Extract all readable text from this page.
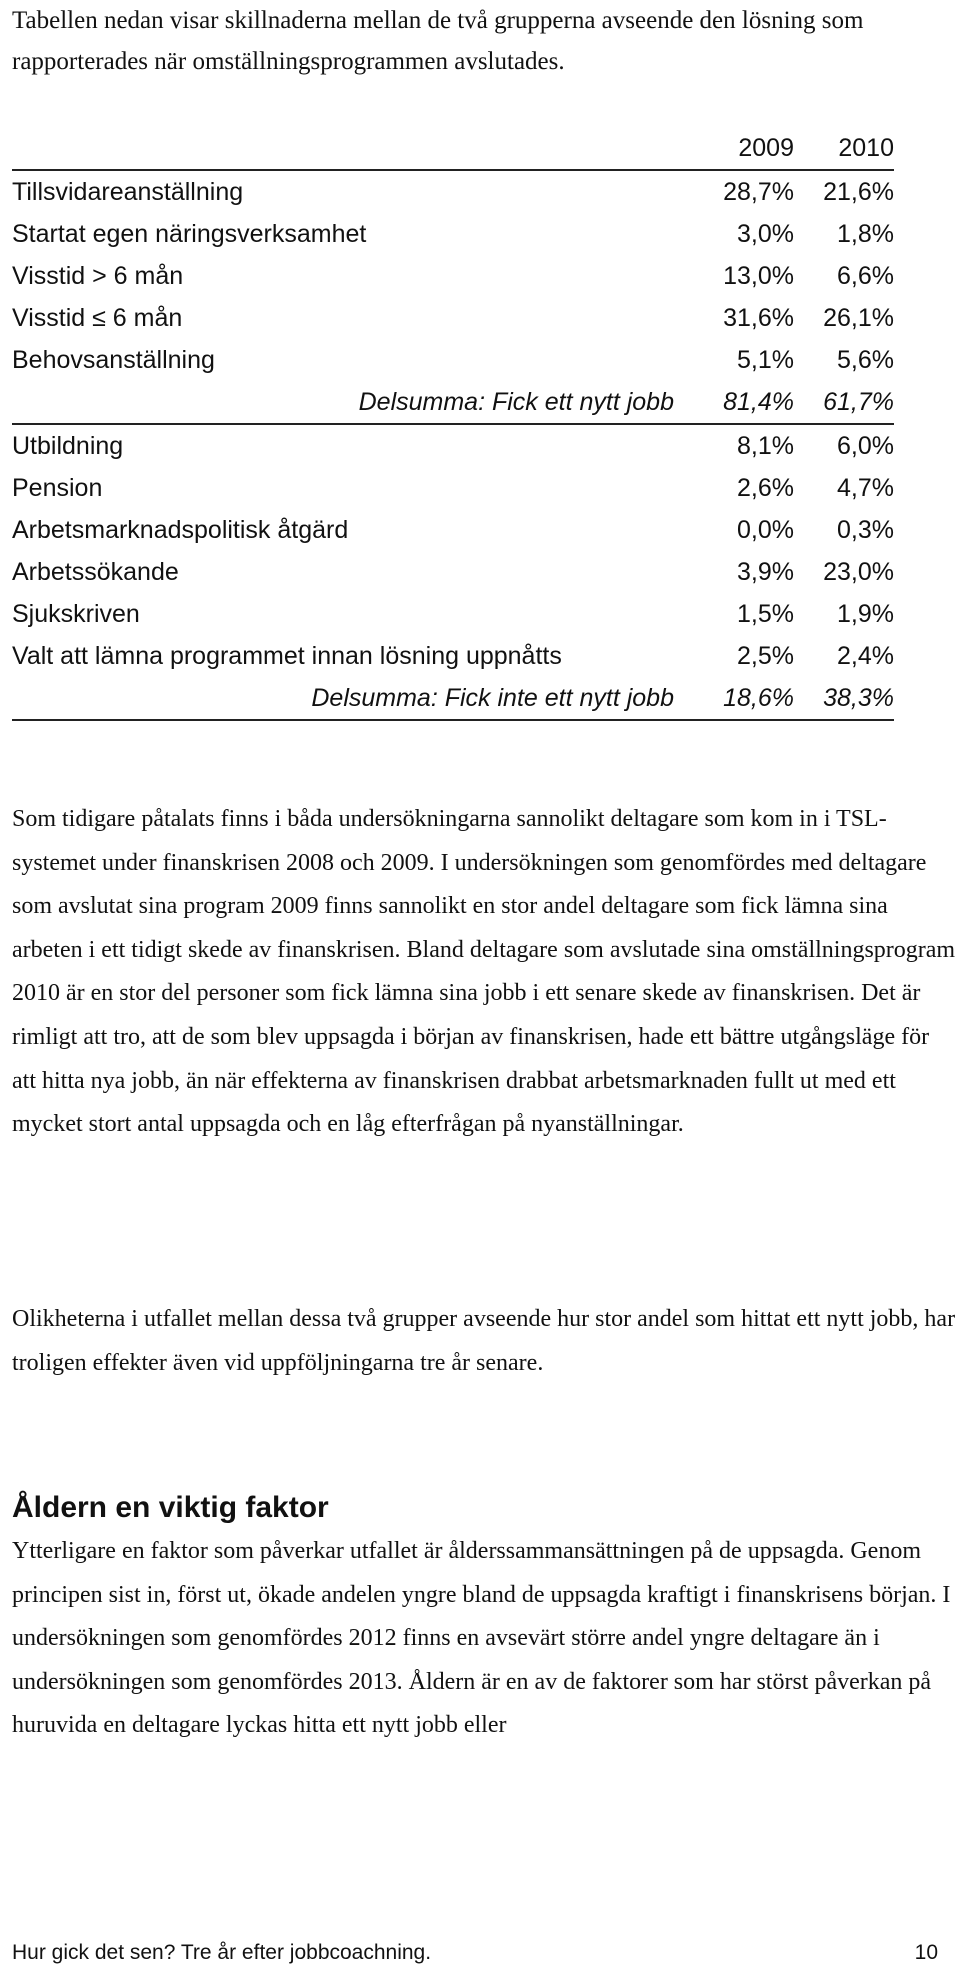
Tabellen nedan visar skillnaderna mellan de två grupperna avseende den lösning som rapporterades när omställningsprogrammen avslutades.

2009	2010
Tillsvidareanställning	28,7%	21,6%
Startat egen näringsverksamhet	3,0%	1,8%
Visstid > 6 mån	13,0%	6,6%
Visstid ≤ 6 mån	31,6%	26,1%
Behovsanställning	5,1%	5,6%
Delsumma: Fick ett nytt jobb	81,4%	61,7%
Utbildning	8,1%	6,0%
Pension	2,6%	4,7%
Arbetsmarknadspolitisk åtgärd	0,0%	0,3%
Arbetssökande	3,9%	23,0%
Sjukskriven	1,5%	1,9%
Valt att lämna programmet innan lösning uppnåtts	2,5%	2,4%
Delsumma: Fick inte ett nytt jobb	18,6%	38,3%

Som tidigare påtalats finns i båda undersökningarna sannolikt deltagare som kom in i TSL-systemet under finanskrisen 2008 och 2009. I undersökningen som genomfördes med deltagare som avslutat sina program 2009 finns sannolikt en stor andel deltagare som fick lämna sina arbeten i ett tidigt skede av finanskrisen. Bland deltagare som avslutade sina omställningsprogram 2010 är en stor del personer som fick lämna sina jobb i ett senare skede av finanskrisen. Det är rimligt att tro, att de som blev uppsagda i början av finanskrisen, hade ett bättre utgångsläge för att hitta nya jobb, än när effekterna av finanskrisen drabbat arbetsmarknaden fullt ut med ett mycket stort antal uppsagda och en låg efterfrågan på nyanställningar.

Olikheterna i utfallet mellan dessa två grupper avseende hur stor andel som hittat ett nytt jobb, har troligen effekter även vid uppföljningarna tre år senare.

Åldern en viktig faktor

Ytterligare en faktor som påverkar utfallet är ålderssammansättningen på de uppsagda. Genom principen sist in, först ut, ökade andelen yngre bland de uppsagda kraftigt i finanskrisens början. I undersökningen som genomfördes 2012 finns en avsevärt större andel yngre deltagare än i undersökningen som genomfördes 2013. Åldern är en av de faktorer som har störst påverkan på huruvida en deltagare lyckas hitta ett nytt jobb eller

Hur gick det sen? Tre år efter jobbcoachning.	10
